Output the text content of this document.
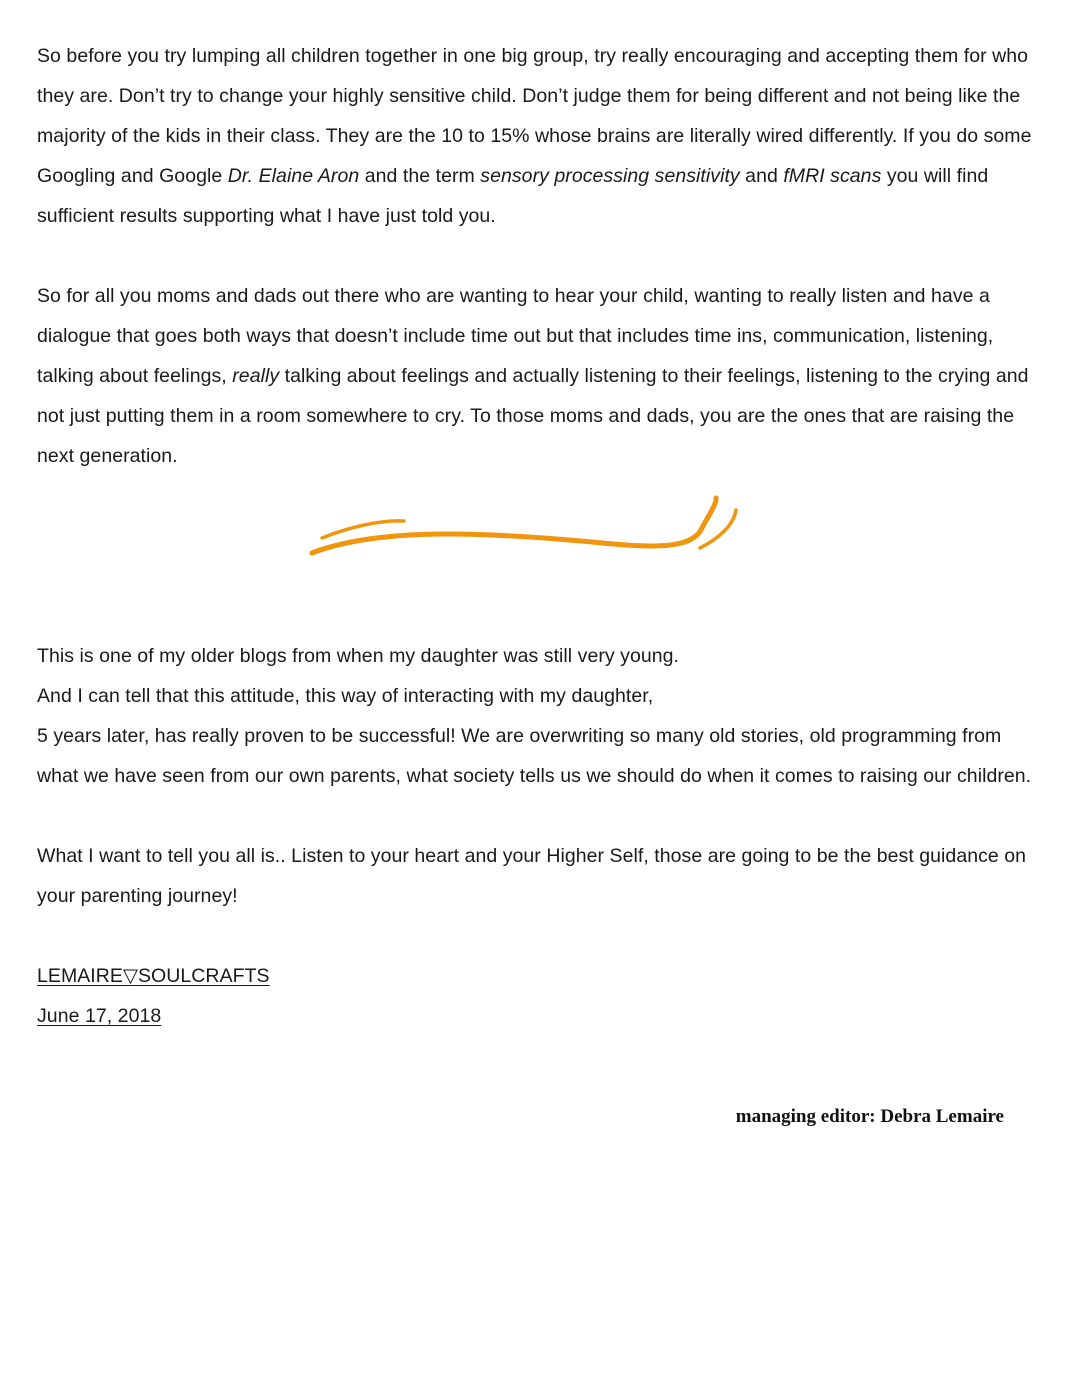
So before you try lumping all children together in one big group, try really encouraging and accepting them for who they are. Don’t try to change your highly sensitive child. Don’t judge them for being different and not being like the majority of the kids in their class. They are the 10 to 15% whose brains are literally wired differently. If you do some Googling and Google Dr. Elaine Aron and the term sensory processing sensitivity and fMRI scans you will find sufficient results supporting what I have just told you.

So for all you moms and dads out there who are wanting to hear your child, wanting to really listen and have a dialogue that goes both ways that doesn’t include time out but that includes time ins, communication, listening, talking about feelings, really talking about feelings and actually listening to their feelings, listening to the crying and not just putting them in a room somewhere to cry. To those moms and dads, you are the ones that are raising the next generation.

This is one of my older blogs from when my daughter was still very young.
And I can tell that this attitude, this way of interacting with my daughter,
5 years later, has really proven to be successful! We are overwriting so many old stories, old programming from what we have seen from our own parents, what society tells us we should do when it comes to raising our children.

What I want to tell you all is.. Listen to your heart and your Higher Self, those are going to be the best guidance on your parenting journey!

LEMAIRE▽SOULCRAFTS

June 17, 2018

managing editor: Debra Lemaire
